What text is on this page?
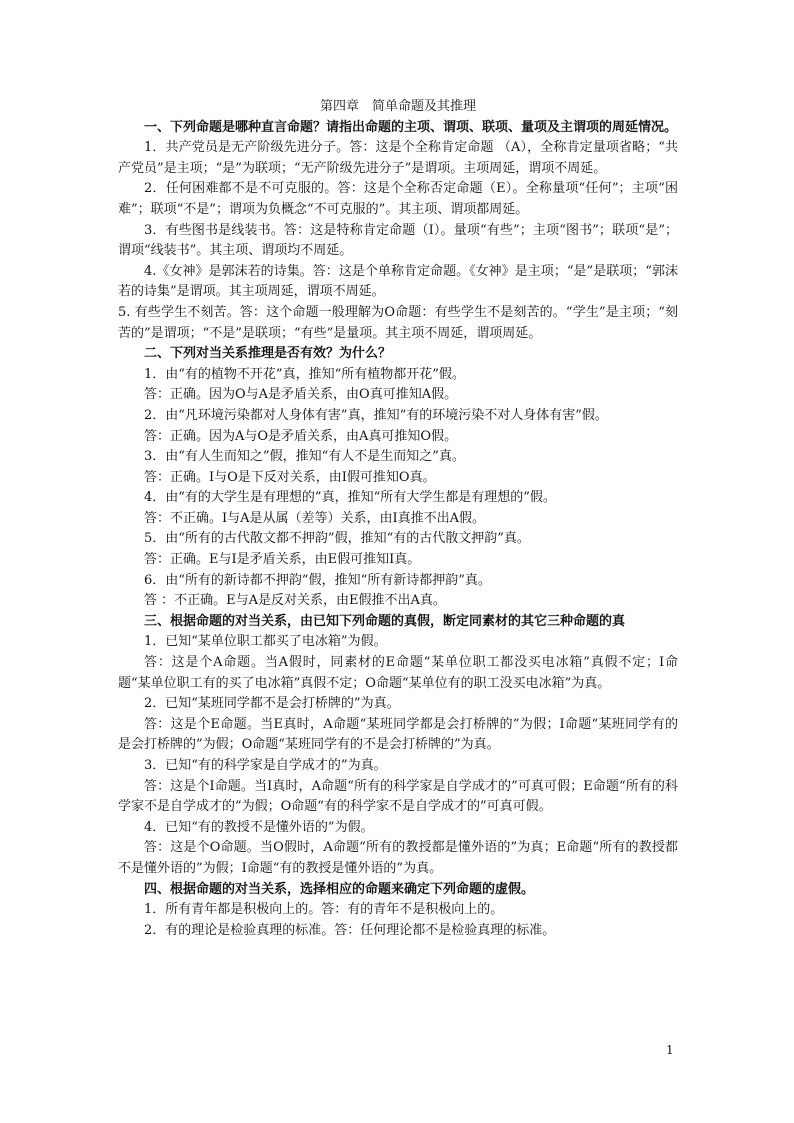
第四章　简单命题及其推理
一、下列命题是哪种直言命题？请指出命题的主项、谓项、联项、量项及主谓项的周延情况。
1．共产党员是无产阶级先进分子。答：这是个全称肯定命题 （A），全称肯定量项省略；“共产党员”是主项；“是”为联项；“无产阶级先进分子”是谓项。主项周延，谓项不周延。
2．任何困难都不是不可克服的。答：这是个全称否定命题（E）。全称量项“任何”；主项“困难”；联项“不是”；谓项为负概念“不可克服的”。其主项、谓项都周延。
3．有些图书是线装书。答：这是特称肯定命题（I）。量项“有些”；主项“图书”；联项“是”；谓项“线装书”。其主项、谓项均不周延。
4.《女神》是郭沫若的诗集。答：这是个单称肯定命题。《女神》是主项；“是”是联项；“郭沫若的诗集”是谓项。其主项周延，谓项不周延。
5. 有些学生不刻苦。答：这个命题一般理解为O命题：有些学生不是刻苦的。“学生”是主项；“刻苦的”是谓项；“不是”是联项；“有些”是量项。其主项不周延，谓项周延。
二、下列对当关系推理是否有效？为什么？
1．由“有的植物不开花”真，推知“所有植物都开花”假。
答：正确。因为O与A是矛盾关系，由O真可推知A假。
2．由“凡环境污染都对人身体有害”真，推知“有的环境污染不对人身体有害”假。
答：正确。因为A与O是矛盾关系，由A真可推知O假。
3．由“有人生而知之”假，推知“有人不是生而知之”真。
答：正确。I与O是下反对关系，由I假可推知O真。
4．由“有的大学生是有理想的”真，推知“所有大学生都是有理想的”假。
答：不正确。I与A是从属（差等）关系，由I真推不出A假。
5．由“所有的古代散文都不押韵”假，推知“有的古代散文押韵”真。
答：正确。E与I是矛盾关系，由E假可推知I真。
6．由“所有的新诗都不押韵”假，推知“所有新诗都押韵”真。
答 ：不正确。E与A是反对关系，由E假推不出A真。
三、根据命题的对当关系，由已知下列命题的真假，断定同素材的其它三种命题的真
1．已知“某单位职工都买了电冰箱”为假。
答：这是个A命题。当A假时，同素材的E命题“某单位职工都没买电冰箱”真假不定；I命题“某单位职工有的买了电冰箱”真假不定；O命题“某单位有的职工没买电冰箱”为真。
2．已知“某班同学都不是会打桥牌的”为真。
答：这是个E命题。当E真时，A命题“某班同学都是会打桥牌的”为假；I命题“某班同学有的是会打桥牌的”为假；O命题“某班同学有的不是会打桥牌的”为真。
3．已知“有的科学家是自学成才的”为真。
答：这是个I命题。当I真时，A命题“所有的科学家是自学成才的”可真可假；E命题“所有的科学家不是自学成才的”为假；O命题“有的科学家不是自学成才的”可真可假。
4．已知“有的教授不是懂外语的”为假。
答：这是个O命题。当O假时，A命题“所有的教授都是懂外语的”为真；E命题“所有的教授都不是懂外语的”为假；I命题“有的教授是懂外语的”为真。
四、根据命题的对当关系，选择相应的命题来确定下列命题的虚假。
1．所有青年都是积极向上的。答：有的青年不是积极向上的。
2．有的理论是检验真理的标准。答：任何理论都不是检验真理的标准。
1
